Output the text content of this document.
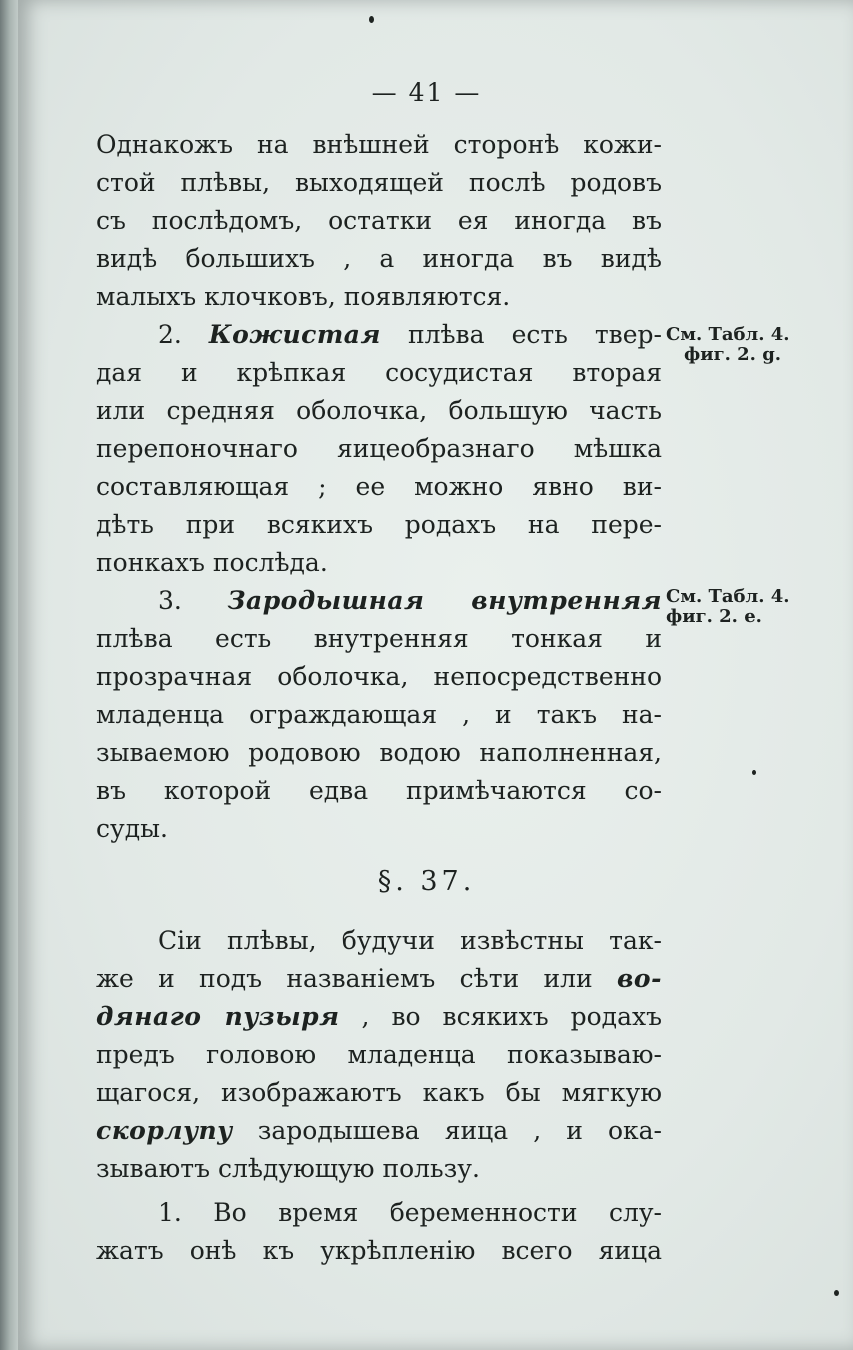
— 41 —
Однакожъ на внѣшней сторонѣ кожи-
стой плѣвы, выходящей послѣ родовъ
съ послѣдомъ, остатки ея иногда въ
видѣ большихъ , а иногда въ видѣ
малыхъ клочковъ, появляются.
2. Кожистая плѣва есть твер-
дая и крѣпкая сосудистая вторая
или средняя оболочка, большую часть
перепоночнаго яицеобразнаго мѣшка
составляющая ; ее можно явно ви-
дѣть при всякихъ родахъ на пере-
понкахъ послѣда.
3. Зародышная внутренняя
плѣва есть внутренняя тонкая и
прозрачная оболочка, непосредственно
младенца ограждающая , и такъ на-
зываемою родовою водою наполненная,
въ которой едва примѣчаются со-
суды.
См. Табл. 4.
фиг. 2. g.
См. Табл. 4.
фиг. 2. e.
§. 37.
Сіи плѣвы, будучи извѣстны так-
же и подъ названіемъ сѣти или во-
дянаго пузыря , во всякихъ родахъ
предъ головою младенца показываю-
щагося, изображаютъ какъ бы мягкую
скорлупу зародышева яица , и ока-
зываютъ слѣдующую пользу.
1. Во время беременности слу-
жатъ онѣ къ укрѣпленію всего яица
